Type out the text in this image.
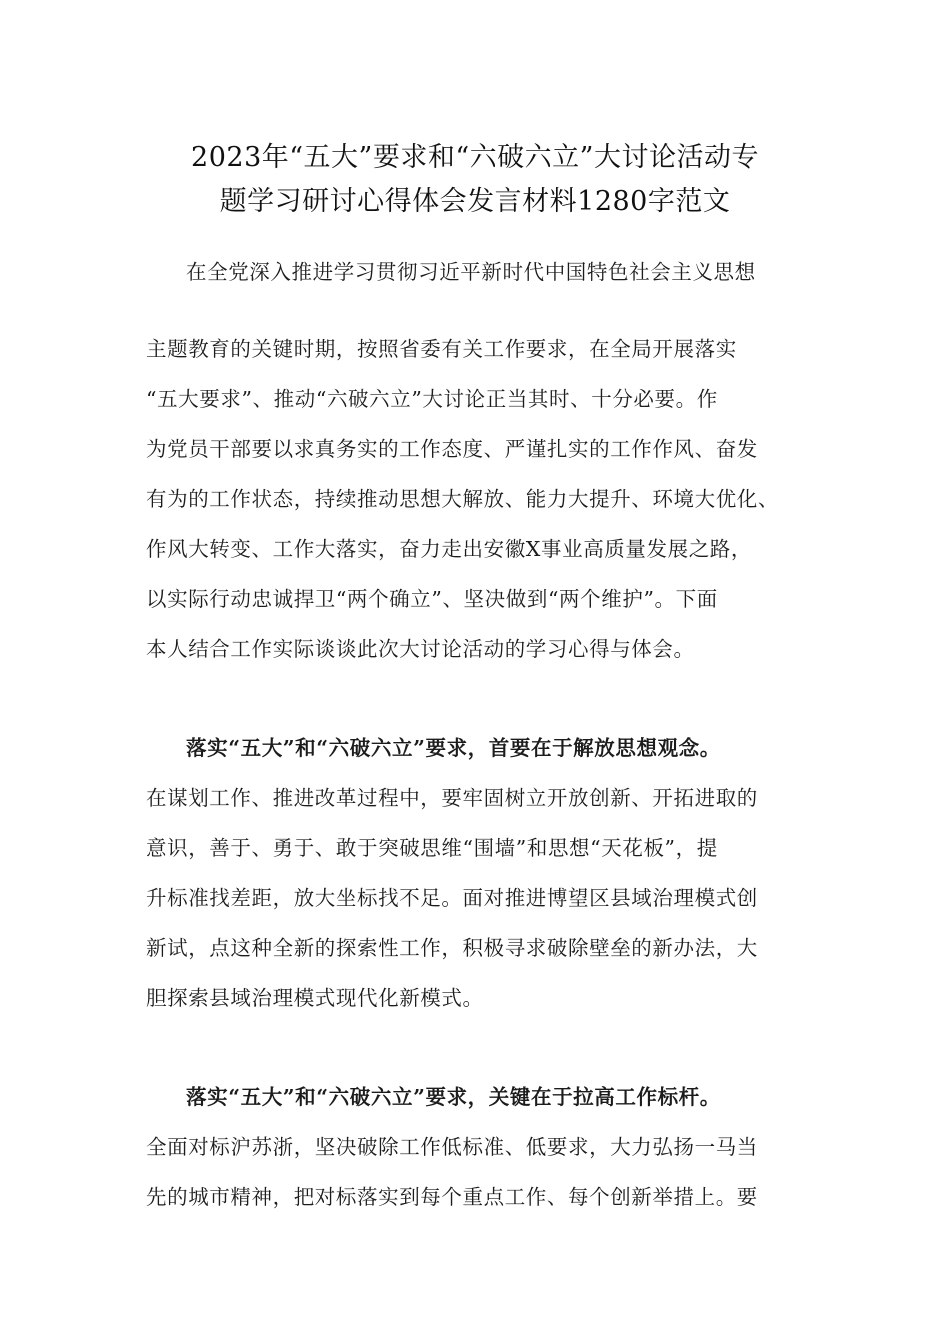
2023年“五大”要求和“六破六立”大讨论活动专
题学习研讨心得体会发言材料1280字范文
在全党深入推进学习贯彻习近平新时代中国特色社会主义思想
主题教育的关键时期，按照省委有关工作要求，在全局开展落实
“五大要求”、推动“六破六立”大讨论正当其时、十分必要。作
为党员干部要以求真务实的工作态度、严谨扎实的工作作风、奋发
有为的工作状态，持续推动思想大解放、能力大提升、环境大优化、
作风大转变、工作大落实，奋力走出安徽X事业高质量发展之路，
以实际行动忠诚捍卫“两个确立”、坚决做到“两个维护”。下面
本人结合工作实际谈谈此次大讨论活动的学习心得与体会。
落实“五大”和“六破六立”要求，首要在于解放思想观念。
在谋划工作、推进改革过程中，要牢固树立开放创新、开拓进取的
意识，善于、勇于、敢于突破思维“围墙”和思想“天花板”，提
升标准找差距，放大坐标找不足。面对推进博望区县域治理模式创
新试，点这种全新的探索性工作，积极寻求破除壁垒的新办法，大
胆探索县域治理模式现代化新模式。
落实“五大”和“六破六立”要求，关键在于拉高工作标杆。
全面对标沪苏浙，坚决破除工作低标准、低要求，大力弘扬一马当
先的城市精神，把对标落实到每个重点工作、每个创新举措上。要
